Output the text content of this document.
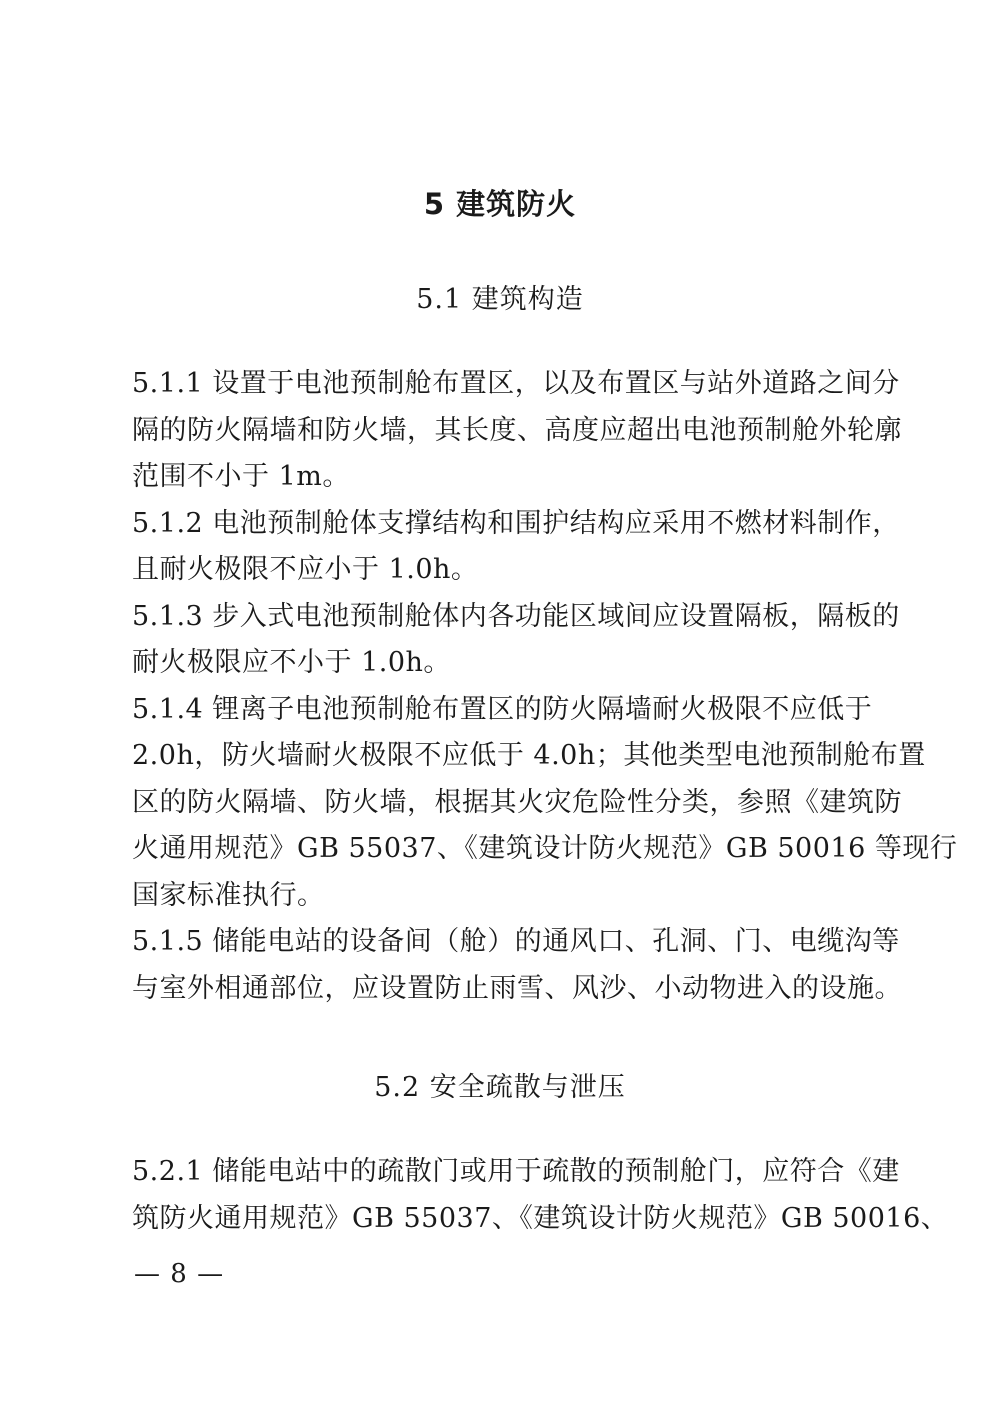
5 建筑防火
5.1 建筑构造
5.1.1 设置于电池预制舱布置区，以及布置区与站外道路之间分
隔的防火隔墙和防火墙，其长度、高度应超出电池预制舱外轮廓
范围不小于 1m。
5.1.2 电池预制舱体支撑结构和围护结构应采用不燃材料制作，
且耐火极限不应小于 1.0h。
5.1.3 步入式电池预制舱体内各功能区域间应设置隔板，隔板的
耐火极限应不小于 1.0h。
5.1.4 锂离子电池预制舱布置区的防火隔墙耐火极限不应低于
2.0h，防火墙耐火极限不应低于 4.0h；其他类型电池预制舱布置
区的防火隔墙、防火墙，根据其火灾危险性分类，参照《建筑防
火通用规范》GB 55037、《建筑设计防火规范》GB 50016 等现行
国家标准执行。
5.1.5 储能电站的设备间（舱）的通风口、孔洞、门、电缆沟等
与室外相通部位，应设置防止雨雪、风沙、小动物进入的设施。
5.2 安全疏散与泄压
5.2.1 储能电站中的疏散门或用于疏散的预制舱门，应符合《建
筑防火通用规范》GB 55037、《建筑设计防火规范》GB 50016、
— 8 —
